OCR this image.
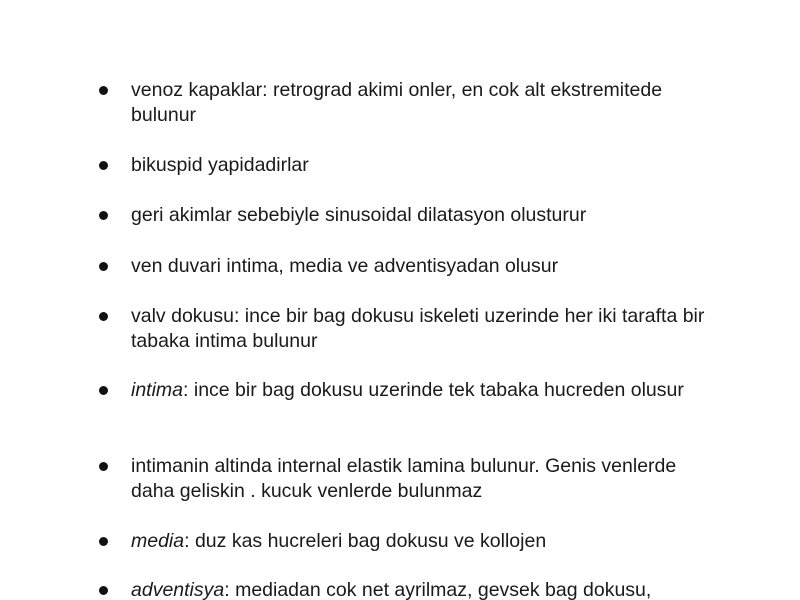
venoz kapaklar: retrograd akimi onler, en cok alt ekstremitede bulunur
bikuspid yapidadirlar
geri akimlar sebebiyle sinusoidal dilatasyon olusturur
ven duvari intima, media ve adventisyadan olusur
valv dokusu: ince bir bag dokusu iskeleti uzerinde her iki tarafta bir tabaka intima bulunur
intima: ince bir bag dokusu uzerinde tek tabaka hucreden olusur
intimanin altinda internal elastik lamina bulunur. Genis venlerde daha geliskin . kucuk venlerde bulunmaz
media: duz kas hucreleri bag dokusu ve kollojen
adventisya: mediadan cok net ayrilmaz, gevsek bag dokusu,
